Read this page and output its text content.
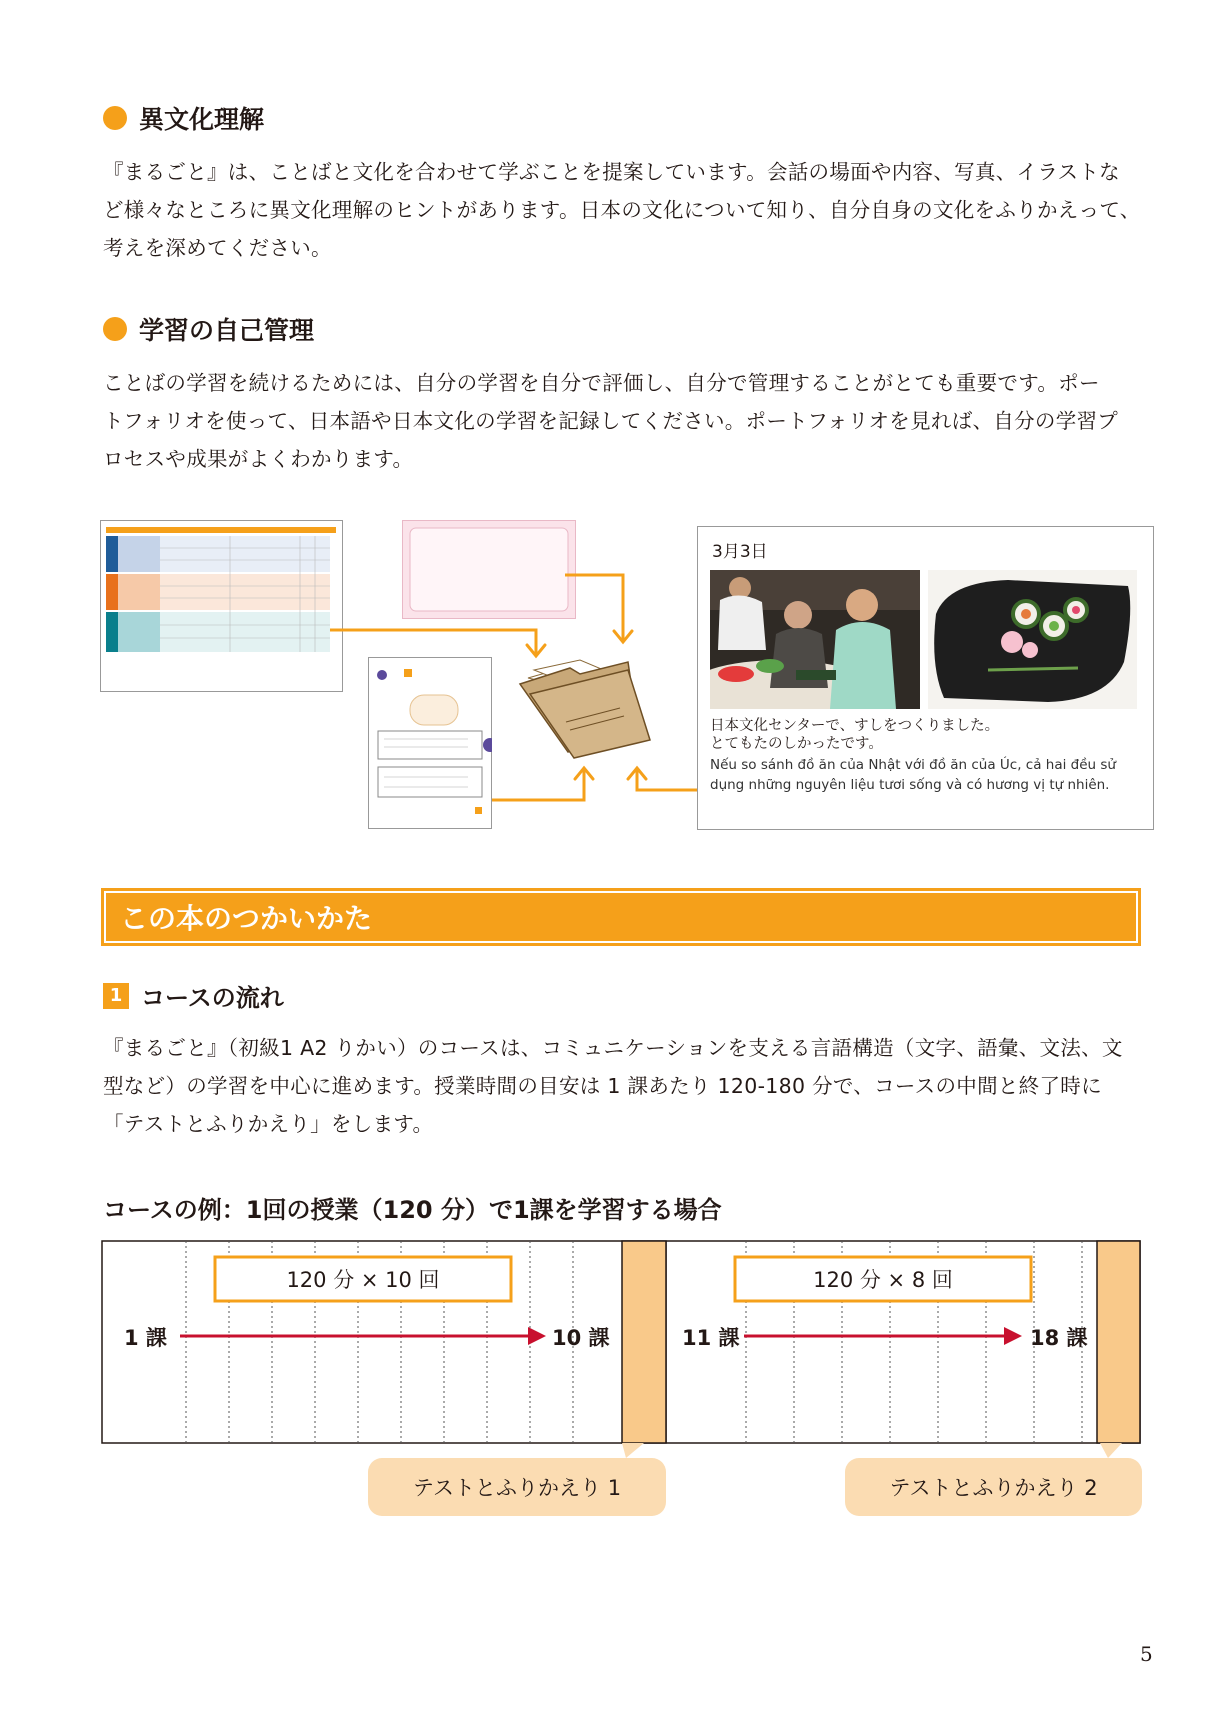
異文化理解
『まるごと』は、ことばと文化を合わせて学ぶことを提案しています。会話の場面や内容、写真、イラストな
ど様々なところに異文化理解のヒントがあります。日本の文化について知り、自分自身の文化をふりかえって、
考えを深めてください。
学習の自己管理
ことばの学習を続けるためには、自分の学習を自分で評価し、自分で管理することがとても重要です。ポー
トフォリオを使って、日本語や日本文化の学習を記録してください。ポートフォリオを見れば、自分の学習プ
ロセスや成果がよくわかります。
3月3日
日本文化センターで、すしをつくりました。
とてもたのしかったです。
Nếu so sánh đồ ăn của Nhật với đồ ăn của Úc, cả hai đều sử
dụng những nguyên liệu tươi sống và có hương vị tự nhiên.
この本のつかいかた
1 コースの流れ
『まるごと』（初級1 A2 りかい）のコースは、コミュニケーションを支える言語構造（文字、語彙、文法、文
型など）の学習を中心に進めます。授業時間の目安は 1 課あたり 120-180 分で、コースの中間と終了時に
「テストとふりかえり」をします。
コースの例：1回の授業（120 分）で1課を学習する場合
120 分 × 10 回	120 分 × 8 回
1 課	10 課	11 課	18 課
テストとふりかえり 1	テストとふりかえり 2
5
